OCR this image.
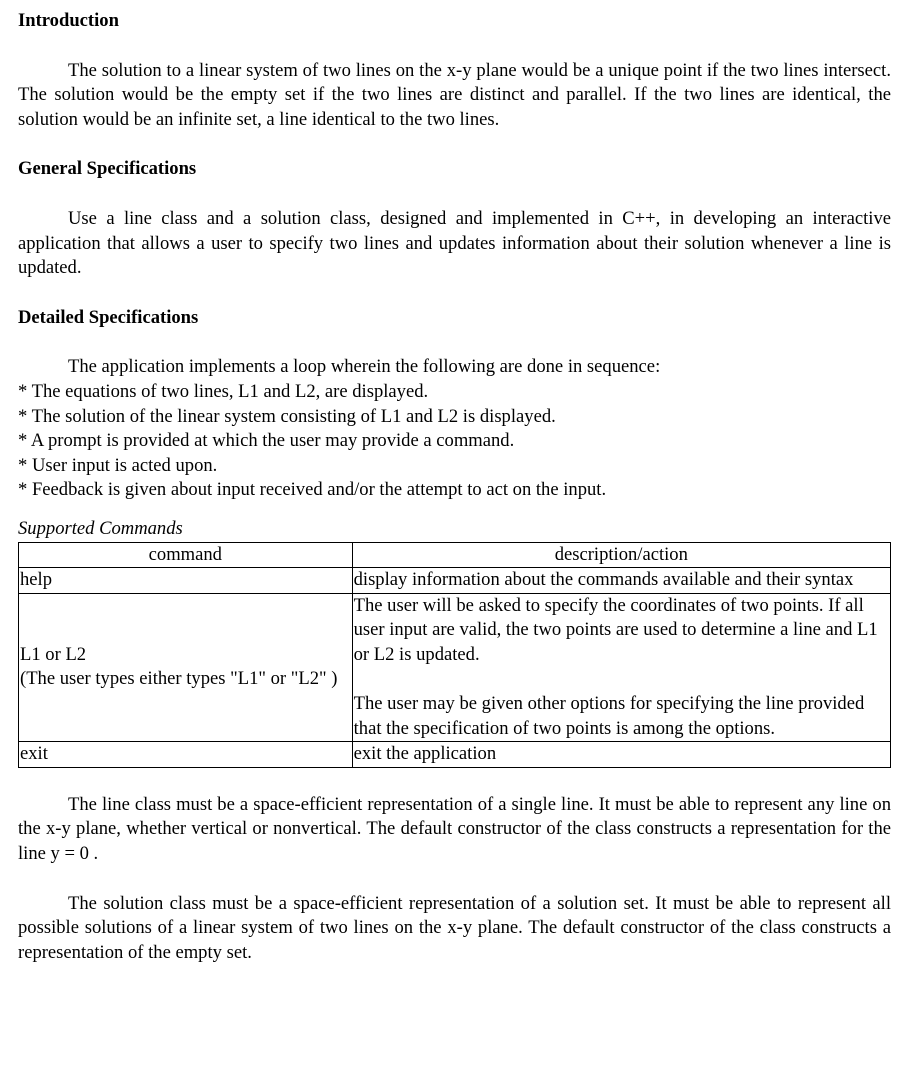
Introduction

The solution to a linear system of two lines on the x-y plane would be a unique point if the two lines intersect. The solution would be the empty set if the two lines are distinct and parallel. If the two lines are identical, the solution would be an infinite set, a line identical to the two lines.

General Specifications

Use a line class and a solution class, designed and implemented in C++, in developing an interactive application that allows a user to specify two lines and updates information about their solution whenever a line is updated.

Detailed Specifications

The application implements a loop wherein the following are done in sequence:

* The equations of two lines, L1 and L2, are displayed.
* The solution of the linear system consisting of L1 and L2 is displayed.
* A prompt is provided at which the user may provide a command.
* User input is acted upon.
* Feedback is given about input received and/or the attempt to act on the input.
Supported Commands
command	description/action

help	display information about the commands available and their syntax

L1 or L2
(The user types either types "L1" or "L2" )	The user will be asked to specify the coordinates of two points. If all user input are valid, the two points are used to determine a line and L1 or L2 is updated.
The user may be given other options for specifying the line provided that the specification of two points is among the options.

exit	exit the application

The line class must be a space-efficient representation of a single line. It must be able to represent any line on the x-y plane, whether vertical or nonvertical. The default constructor of the class constructs a representation for the line y = 0 .

The solution class must be a space-efficient representation of a solution set. It must be able to represent all possible solutions of a linear system of two lines on the x-y plane. The default constructor of the class constructs a representation of the empty set.
